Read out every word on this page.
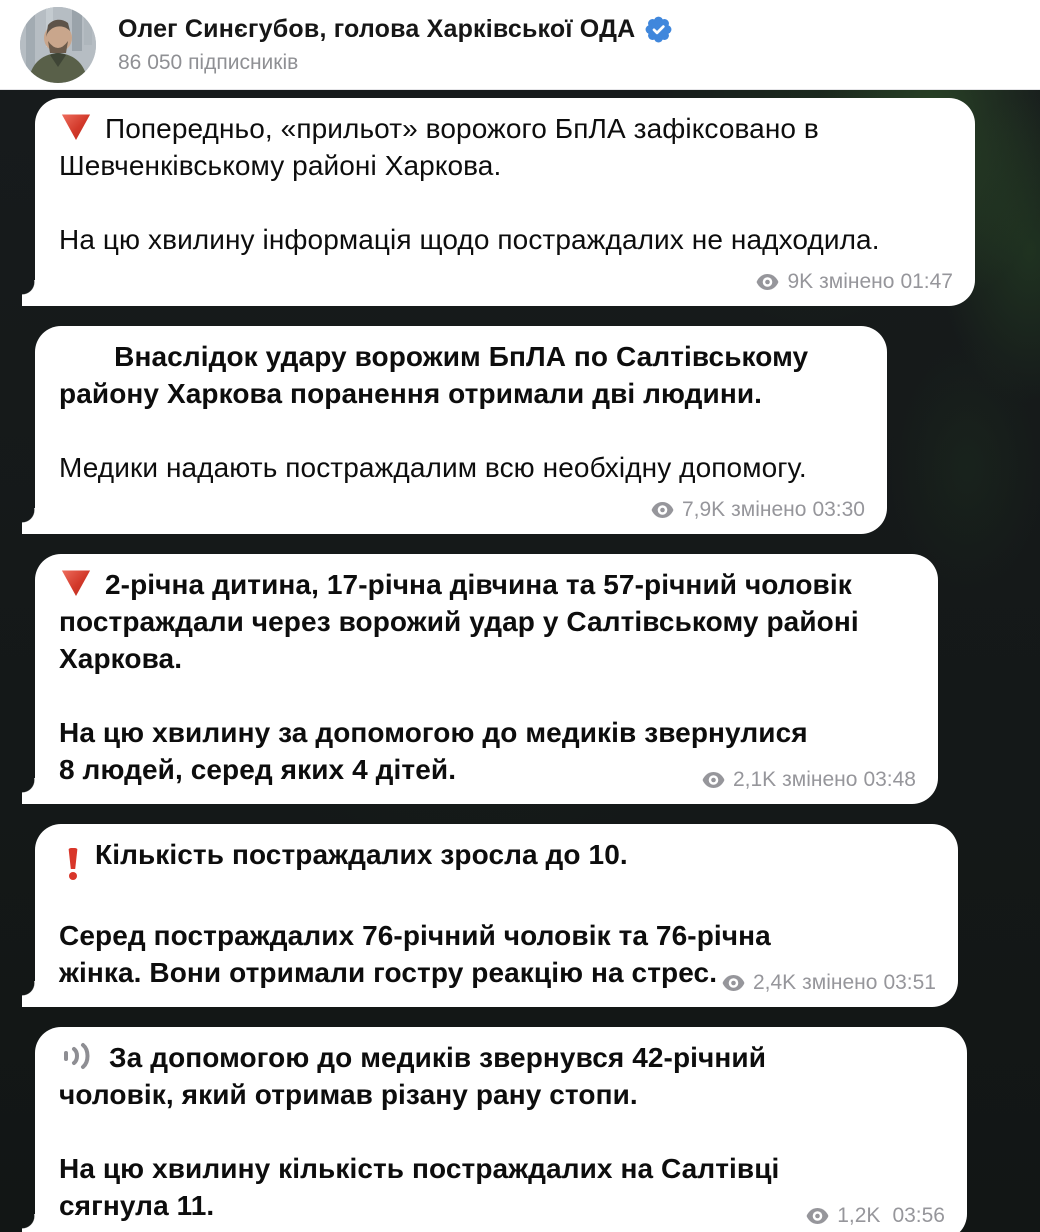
Олег Синєгубов, голова Харківської ОДА
86 050 підписників

Попередньо, «прильот» ворожого БпЛА зафіксовано в Шевченківському районі Харкова.

На цю хвилину інформація щодо постраждалих не надходила.

9K змінено 01:47

Внаслідок удару ворожим БпЛА по Салтівському району Харкова поранення отримали дві людини.

Медики надають постраждалим всю необхідну допомогу.

7,9K змінено 03:30

2-річна дитина, 17-річна дівчина та 57-річний чоловік постраждали через ворожий удар у Салтівському районі Харкова.

На цю хвилину за допомогою до медиків звернулися 8 людей, серед яких 4 дітей.	2,1K змінено 03:48

Кількість постраждалих зросла до 10.

Серед постраждалих 76-річний чоловік та 76-річна жінка. Вони отримали гостру реакцію на стрес.	2,4K змінено 03:51

За допомогою до медиків звернувся 42-річний чоловік, який отримав різану рану стопи.

На цю хвилину кількість постраждалих на Салтівці сягнула 11.	1,2K 03:56
